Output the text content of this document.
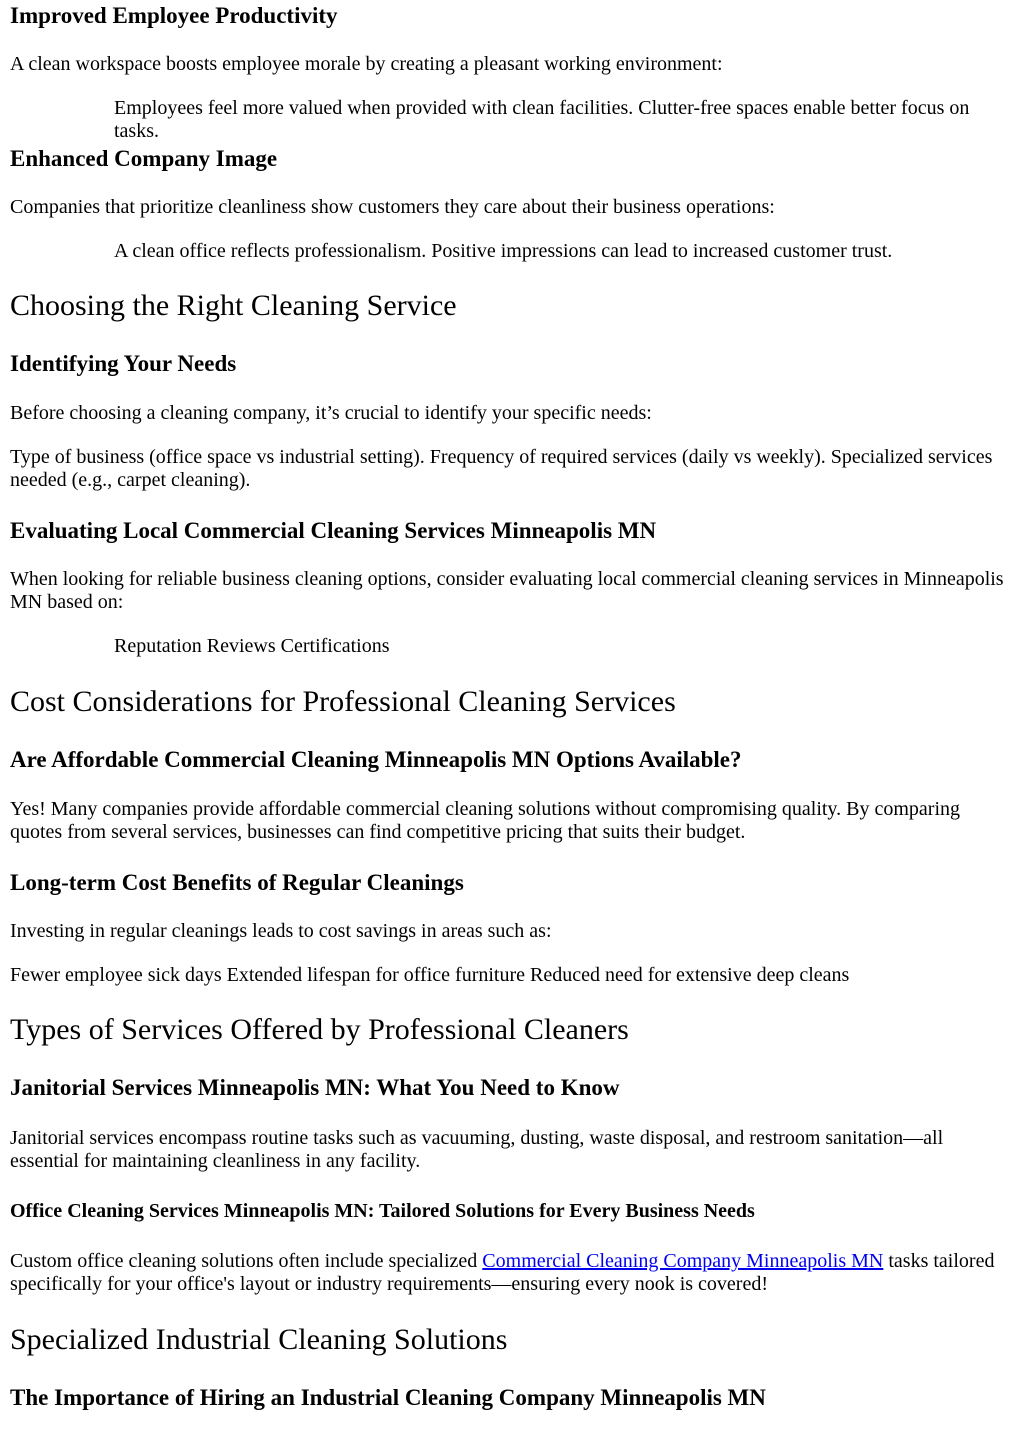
Improved Employee Productivity

A clean workspace boosts employee morale by creating a pleasant working environment:

Employees feel more valued when provided with clean facilities. Clutter-free spaces enable better focus on tasks.
Enhanced Company Image

Companies that prioritize cleanliness show customers they care about their business operations:

A clean office reflects professionalism. Positive impressions can lead to increased customer trust.
Choosing the Right Cleaning Service
Identifying Your Needs

Before choosing a cleaning company, it’s crucial to identify your specific needs:

Type of business (office space vs industrial setting). Frequency of required services (daily vs weekly). Specialized services needed (e.g., carpet cleaning).

Evaluating Local Commercial Cleaning Services Minneapolis MN

When looking for reliable business cleaning options, consider evaluating local commercial cleaning services in Minneapolis MN based on:

Reputation Reviews Certifications
Cost Considerations for Professional Cleaning Services
Are Affordable Commercial Cleaning Minneapolis MN Options Available?

Yes! Many companies provide affordable commercial cleaning solutions without compromising quality. By comparing quotes from several services, businesses can find competitive pricing that suits their budget.

Long-term Cost Benefits of Regular Cleanings

Investing in regular cleanings leads to cost savings in areas such as:

Fewer employee sick days Extended lifespan for office furniture Reduced need for extensive deep cleans

Types of Services Offered by Professional Cleaners
Janitorial Services Minneapolis MN: What You Need to Know

Janitorial services encompass routine tasks such as vacuuming, dusting, waste disposal, and restroom sanitation—all essential for maintaining cleanliness in any facility.

Office Cleaning Services Minneapolis MN: Tailored Solutions for Every Business Needs

Custom office cleaning solutions often include specialized Commercial Cleaning Company Minneapolis MN tasks tailored specifically for your office's layout or industry requirements—ensuring every nook is covered!

Specialized Industrial Cleaning Solutions
The Importance of Hiring an Industrial Cleaning Company Minneapolis MN
